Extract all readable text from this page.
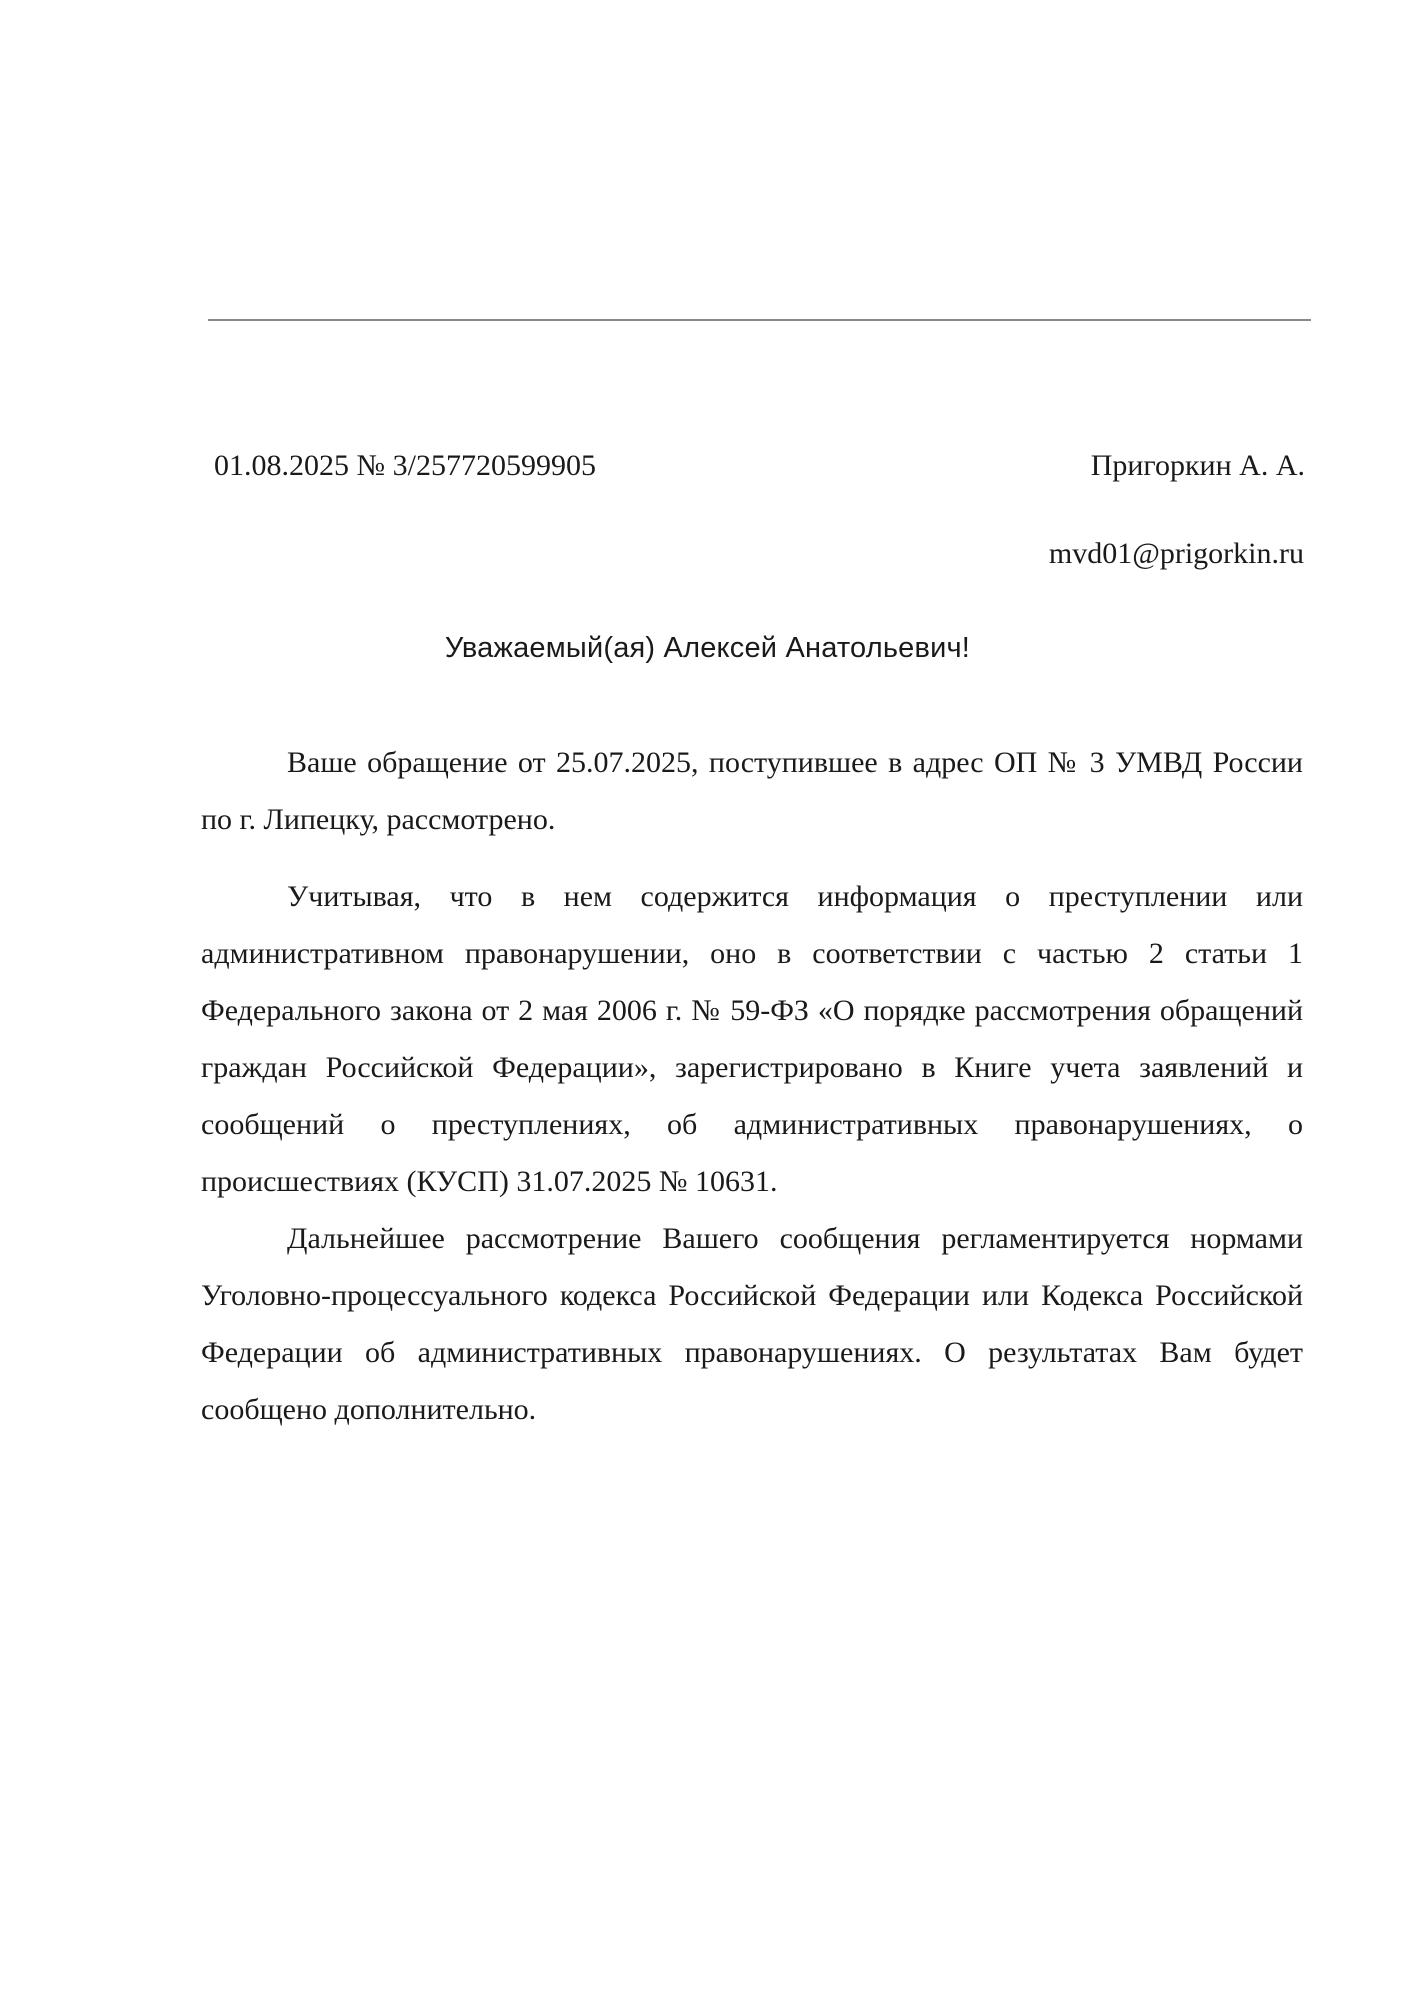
01.08.2025 № 3/257720599905	Пригоркин А. А.
mvd01@prigorkin.ru
Уважаемый(ая) Алексей Анатольевич!

Ваше обращение от 25.07.2025, поступившее в адрес ОП № 3 УМВД России по г. Липецку, рассмотрено.

Учитывая, что в нем содержится информация о преступлении или административном правонарушении, оно в соответствии с частью 2 статьи 1 Федерального закона от 2 мая 2006 г. № 59-ФЗ «О порядке рассмотрения обращений граждан Российской Федерации», зарегистрировано в Книге учета заявлений и сообщений о преступлениях, об административных правонарушениях, о происшествиях (КУСП) 31.07.2025 № 10631.

Дальнейшее рассмотрение Вашего сообщения регламентируется нормами Уголовно-процессуального кодекса Российской Федерации или Кодекса Российской Федерации об административных правонарушениях. О результатах Вам будет сообщено дополнительно.
